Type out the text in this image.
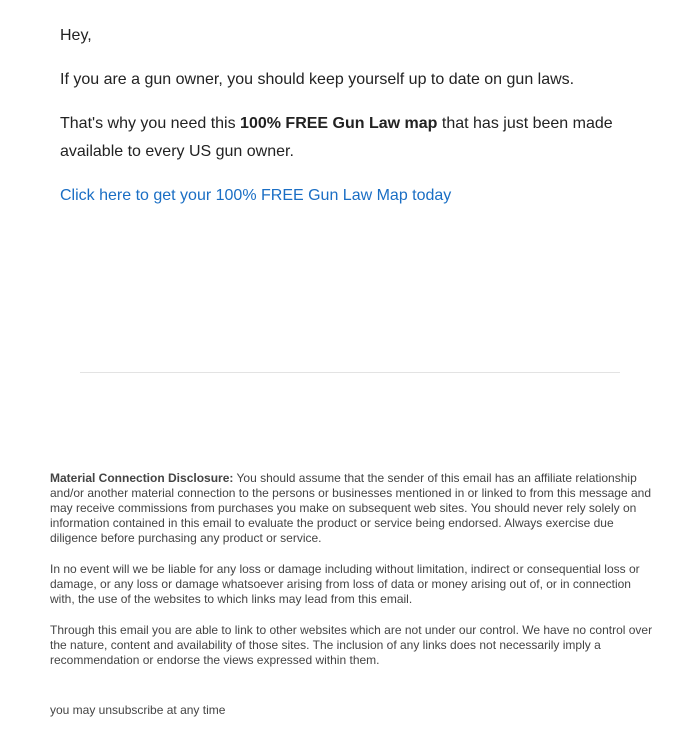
Hey,

If you are a gun owner, you should keep yourself up to date on gun laws.

That's why you need this 100% FREE Gun Law map that has just been made available to every US gun owner.

Click here to get your 100% FREE Gun Law Map today

Material Connection Disclosure: You should assume that the sender of this email has an affiliate relationship and/or another material connection to the persons or businesses mentioned in or linked to from this message and may receive commissions from purchases you make on subsequent web sites. You should never rely solely on information contained in this email to evaluate the product or service being endorsed. Always exercise due diligence before purchasing any product or service.

In no event will we be liable for any loss or damage including without limitation, indirect or consequential loss or damage, or any loss or damage whatsoever arising from loss of data or money arising out of, or in connection with, the use of the websites to which links may lead from this email.

Through this email you are able to link to other websites which are not under our control. We have no control over the nature, content and availability of those sites. The inclusion of any links does not necessarily imply a recommendation or endorse the views expressed within them.

you may unsubscribe at any time
